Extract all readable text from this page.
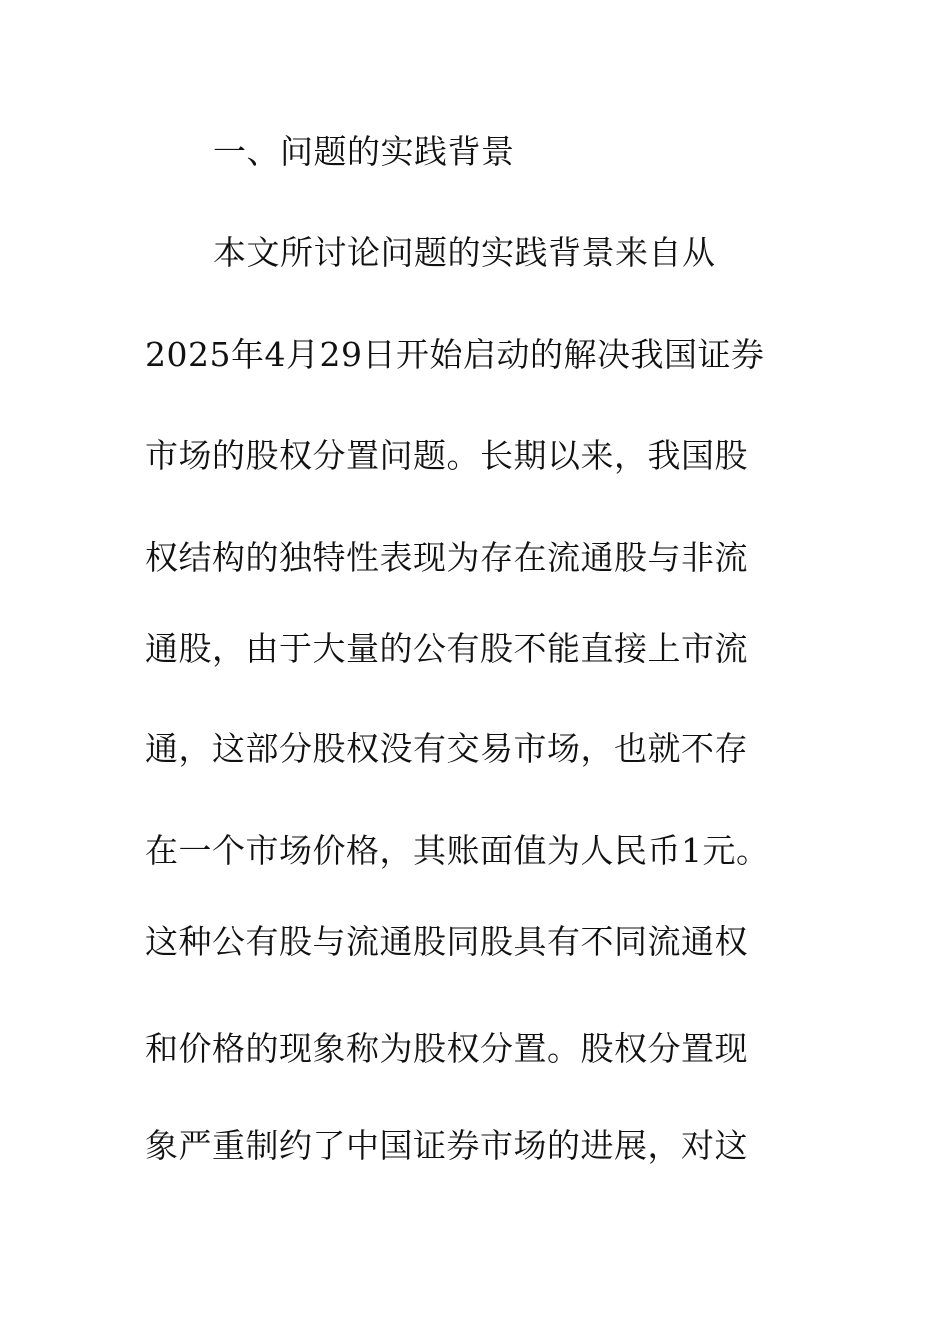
一、问题的实践背景
本文所讨论问题的实践背景来自从
2025年4月29日开始启动的解决我国证券
市场的股权分置问题。长期以来，我国股
权结构的独特性表现为存在流通股与非流
通股，由于大量的公有股不能直接上市流
通，这部分股权没有交易市场，也就不存
在一个市场价格，其账面值为人民币1元。
这种公有股与流通股同股具有不同流通权
和价格的现象称为股权分置。股权分置现
象严重制约了中国证券市场的进展，对这
